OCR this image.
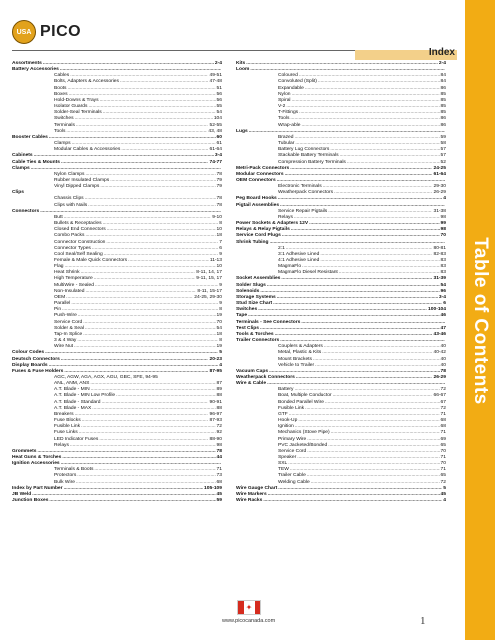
Table of Contents
USA PICO
Index
Assortments .....	2-4
Battery Accessories
.....
Cables .....	49-51
Bolts, Adapters & Accessories .....	47-48
Boots .....	51
Boxes .....	56
Hold-Downs & Trays .....	56
Isolator Guards .....	55
Solder-Seal Terminals .....	54
Switches .....	104
Terminals .....	52-55
Tools .....	43, 48
Booster Cables .....	60
Clamps .....	61
Modular Cables & Accessories .....	61-64
Cabinets .....	3-4
Cable Ties & Mounts .....	74-77
Clamps
.....
Nylon Clamps .....	78
Rubber Insulated Clamps .....	79
Vinyl Dipped Clamps .....	79
Clips
Chassis Clips .....	78
Clips with Nails .....	78
Connectors
.....
Butt .....	9-10
Bullets & Receptacles .....	8
Closed End Connectors .....	10
Combo Packs .....	18
Connector Construction .....	7
Connector Types .....	6
Cool Seal/Self Sealing .....	9
Female & Male Quick Connectors .....	11-13
Flag .....	10
Heat Shrink .....	8-11, 14, 17
High Temperature .....	9-11, 15, 17
MultiWire - Sealed .....	9
Non-Insulated .....	8-11, 15-17
OEM .....	24-25, 29-30
Parallel .....	9
Pin .....	8
Push-Wire .....	19
Service Cord .....	70
Solder & Seal .....	54
Tap-In Splice .....	18
3 & 4 Way .....	8
Wire Nut .....	19
Colour Codes .....	5
Deutsch Connectors .....	20-23
Display Boards .....	4
Fuses & Fuse Holders .....	87-95
AGC, AGW, AGA, AGX, AGU, GBC, SFE, 94-95
ANL, ANM, ANS .....	87
A.T. Blade - MIN .....	89
A.T. Blade - MIN Low Profile .....	88
A.T. Blade - Standard .....	90-91
A.T. Blade - MAX .....	88
Breakers .....	96-97
Fuse Blocks .....	87-93
Fusible Link .....	72
Fuse Links .....	92
LED Indicator Fuses .....	88-90
Relays .....	98
Grommets .....	78
Heat Guns & Torches .....	44
Ignition Accessories
.....
Terminals & Boots .....	71
Protectors .....	73
Bulk Wire .....	68
Index by Part Number .....	105-109
JB Weld .....	45
Junction Boxes .....	59
Kits .....	2-4
Loom
.....
Coloured .....	84
Convoluted (Split) .....	84
Expandable .....	86
Nylon .....	85
Spiral .....	85
V-2 .....	85
T-Fittings .....	85
Tools .....	86
Wrap-able .....	86
Lugs
.....
Brazed .....	59
Tubular .....	58
Battery Lug Connectors .....	57
Stackable Battery Terminals .....	57
Compression Battery Terminals .....	52
Metri-Pack Connectors .....	24-25
Modular Connectors .....	61-64
OEM Connectors
.....
Electronic Terminals .....	29-30
Weatherpack Connectors .....	26-29
Peg Board Hooks .....	4
Pigtail Assemblies
.....
Service Repair Pigtails .....	31-38
Relays .....	98
Power Sockets & Adapters 12V .....	99
Relays & Relay Pigtails .....	98
Service Cord Plugs .....	70
Shrink Tubing
.....
2:1 .....	80-81
3:1 Adhesive Lined .....	82-83
4:1 Adhesive Lined .....	83
MagmaFlo .....	83
MagmaFlo Diesel Resistant .....	83
Socket Assemblies .....	31-39
Solder Slugs .....	54
Solenoids .....	96
Storage Systems .....	3-4
Stud Size Chart .....	6
Switches .....	100-104
Tape .....	46
Terminals - See Connectors
.....
Test Clips .....	47
Tools & Torches .....	43-46
Trailer Connectors
.....
Couplers & Adapters .....	40
Metal, Plastic & Kits .....	40-42
Mount Brackets .....	40
Vehicle to Trailer .....	40
Vacuum Caps .....	78
Weatherpack Connectors .....	26-29
Wire & Cable
.....
Battery .....	72
Boat, Multiple Conductor .....	66-67
Bonded Parallel Wire .....	67
Fusible Link .....	72
GTF .....	71
Hook-Up .....	68
Ignition .....	68
Mechanics (Stove Pipe) .....	71
Primary Wire .....	69
PVC Jacketed/Bonded .....	65
Service Cord .....	70
Speaker .....	71
SXL .....	70
TEW .....	71
Trailer Cable .....	65
Welding Cable .....	72
Wire Gauge Chart .....	5
Wire Markers .....	45
Wire Racks .....	4
✦
www.picocanada.com	1
